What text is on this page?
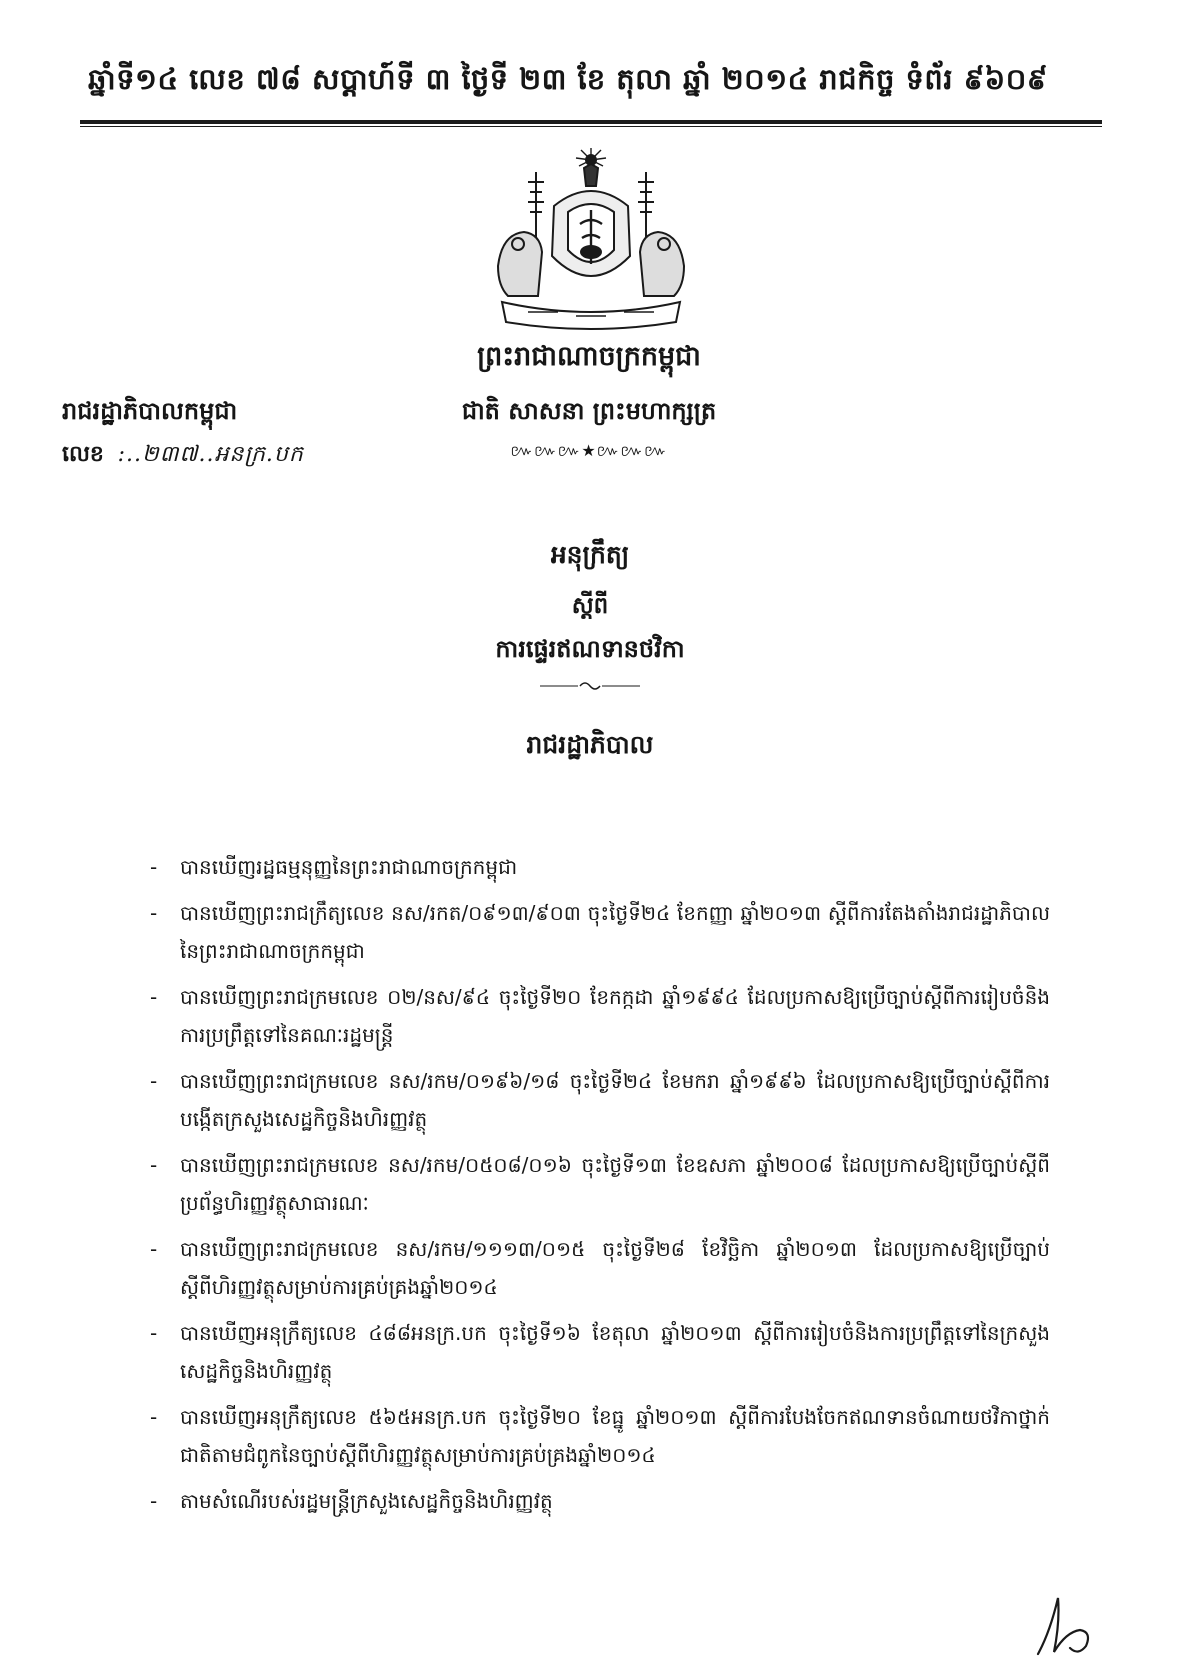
ឆ្នាំទី១៤ លេខ ៧៨ សប្តាហ៍ទី ៣ ថ្ងៃទី ២៣ ខែ តុលា ឆ្នាំ ២០១៤ រាជកិច្ច ទំព័រ ៩៦០៩
ព្រះរាជាណាចក្រកម្ពុជា
ជាតិ សាសនា ព្រះមហាក្សត្រ
៚៚៚★៚៚៚
រាជរដ្ឋាភិបាលកម្ពុជា
លេខ :..២៣៧..អនក្រ.បក
អនុក្រឹត្យ
ស្តីពី
ការផ្ទេរឥណទានថវិកា
រាជរដ្ឋាភិបាល
- បានឃើញរដ្ឋធម្មនុញ្ញនៃព្រះរាជាណាចក្រកម្ពុជា
- បានឃើញព្រះរាជក្រឹត្យលេខ នស/រកត/០៩១៣/៩០៣ ចុះថ្ងៃទី២៤ ខែកញ្ញា ឆ្នាំ២០១៣ ស្តីពីការតែងតាំងរាជរដ្ឋាភិបាលនៃព្រះរាជាណាចក្រកម្ពុជា
- បានឃើញព្រះរាជក្រមលេខ ០២/នស/៩៤ ចុះថ្ងៃទី២០ ខែកក្កដា ឆ្នាំ១៩៩៤ ដែលប្រកាសឱ្យប្រើច្បាប់ស្តីពីការរៀបចំនិងការប្រព្រឹត្តទៅនៃគណៈរដ្ឋមន្ត្រី
- បានឃើញព្រះរាជក្រមលេខ នស/រកម/០១៩៦/១៨ ចុះថ្ងៃទី២៤ ខែមករា ឆ្នាំ១៩៩៦ ដែលប្រកាសឱ្យប្រើច្បាប់ស្តីពីការបង្កើតក្រសួងសេដ្ឋកិច្ចនិងហិរញ្ញវត្ថុ
- បានឃើញព្រះរាជក្រមលេខ នស/រកម/០៥០៨/០១៦ ចុះថ្ងៃទី១៣ ខែឧសភា ឆ្នាំ២០០៨ ដែលប្រកាសឱ្យប្រើច្បាប់ស្តីពីប្រព័ន្ធហិរញ្ញវត្ថុសាធារណៈ
- បានឃើញព្រះរាជក្រមលេខ នស/រកម/១១១៣/០១៥ ចុះថ្ងៃទី២៨ ខែវិច្ឆិកា ឆ្នាំ២០១៣ ដែលប្រកាសឱ្យប្រើច្បាប់ស្តីពីហិរញ្ញវត្ថុសម្រាប់ការគ្រប់គ្រងឆ្នាំ២០១៤
- បានឃើញអនុក្រឹត្យលេខ ៤៨៨អនក្រ.បក ចុះថ្ងៃទី១៦ ខែតុលា ឆ្នាំ២០១៣ ស្តីពីការរៀបចំនិងការប្រព្រឹត្តទៅនៃក្រសួងសេដ្ឋកិច្ចនិងហិរញ្ញវត្ថុ
- បានឃើញអនុក្រឹត្យលេខ ៥៦៥អនក្រ.បក ចុះថ្ងៃទី២០ ខែធ្នូ ឆ្នាំ២០១៣ ស្តីពីការបែងចែកឥណទានចំណាយថវិកាថ្នាក់ជាតិតាមជំពូកនៃច្បាប់ស្តីពីហិរញ្ញវត្ថុសម្រាប់ការគ្រប់គ្រងឆ្នាំ២០១៤
- តាមសំណើរបស់រដ្ឋមន្ត្រីក្រសួងសេដ្ឋកិច្ចនិងហិរញ្ញវត្ថុ
